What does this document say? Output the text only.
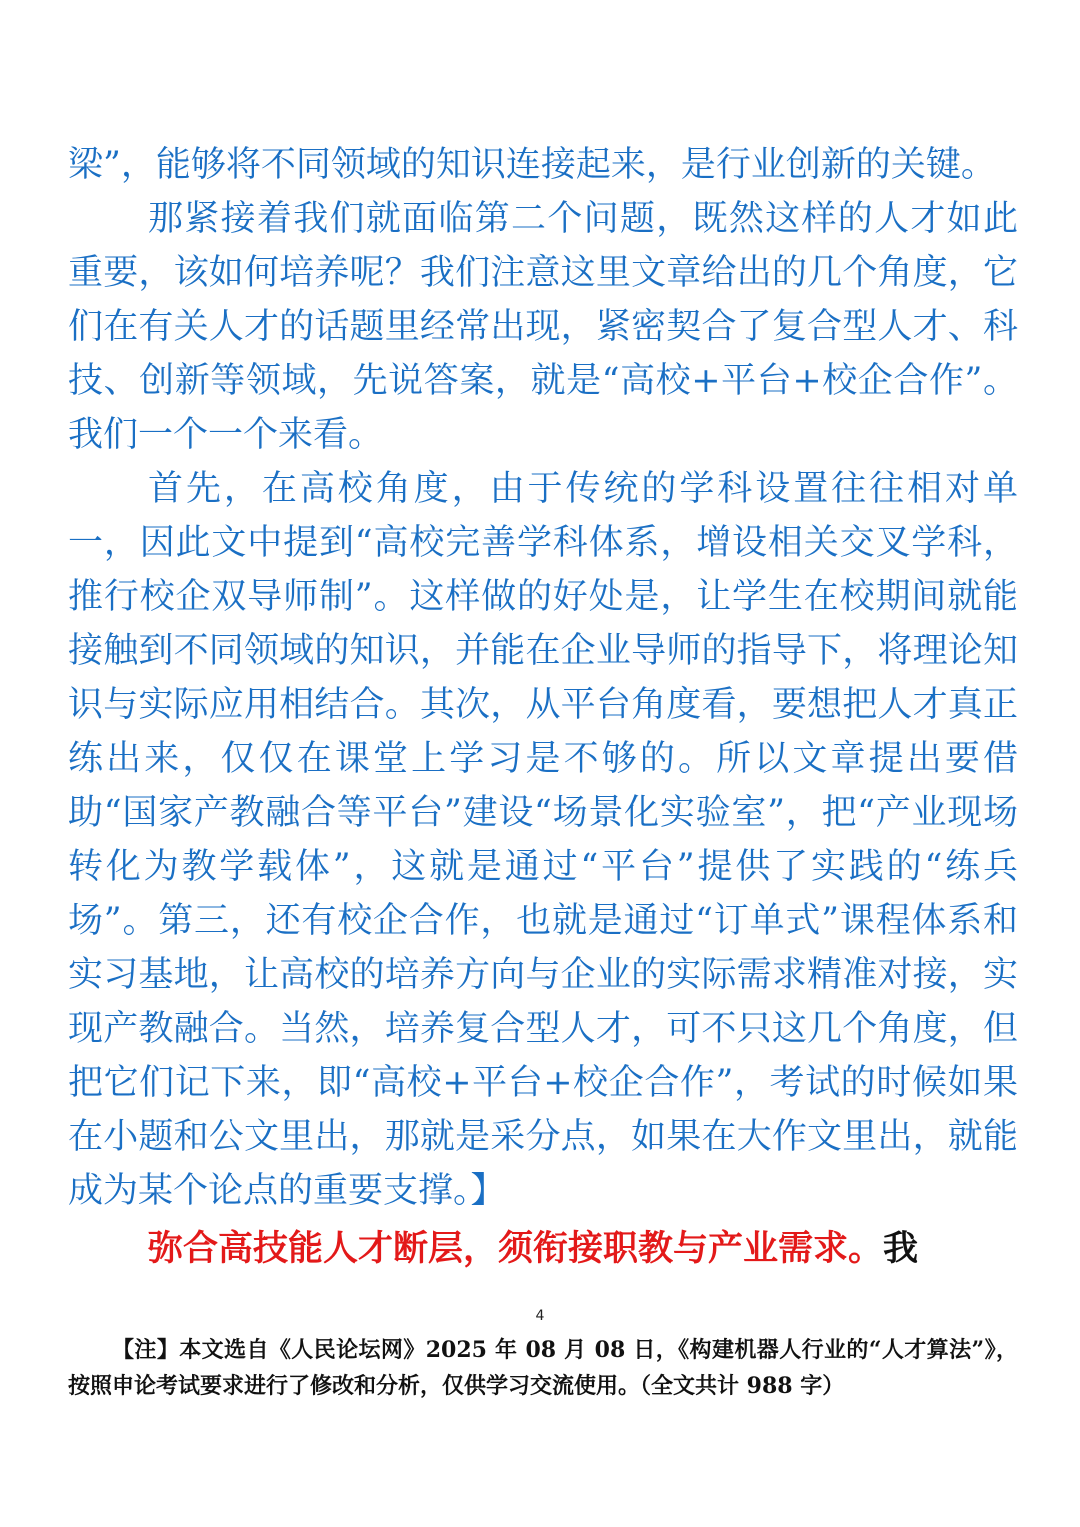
梁”，能够将不同领域的知识连接起来，是行业创新的关键。

那紧接着我们就面临第二个问题，既然这样的人才如此重要，该如何培养呢？我们注意这里文章给出的几个角度，它们在有关人才的话题里经常出现，紧密契合了复合型人才、科技、创新等领域，先说答案，就是“高校+平台+校企合作”。我们一个一个来看。

首先，在高校角度，由于传统的学科设置往往相对单一，因此文中提到“高校完善学科体系，增设相关交叉学科，推行校企双导师制”。这样做的好处是，让学生在校期间就能接触到不同领域的知识，并能在企业导师的指导下，将理论知识与实际应用相结合。其次，从平台角度看，要想把人才真正练出来，仅仅在课堂上学习是不够的。所以文章提出要借助“国家产教融合等平台”建设“场景化实验室”，把“产业现场转化为教学载体”，这就是通过“平台”提供了实践的“练兵场”。第三，还有校企合作，也就是通过“订单式”课程体系和实习基地，让高校的培养方向与企业的实际需求精准对接，实现产教融合。当然，培养复合型人才，可不只这几个角度，但把它们记下来，即“高校+平台+校企合作”，考试的时候如果在小题和公文里出，那就是采分点，如果在大作文里出，就能成为某个论点的重要支撑。】

弥合高技能人才断层，须衔接职教与产业需求。我

4

【注】本文选自《人民论坛网》2025 年 08 月 08 日，《构建机器人行业的“人才算法”》，按照申论考试要求进行了修改和分析，仅供学习交流使用。（全文共计 988 字）
